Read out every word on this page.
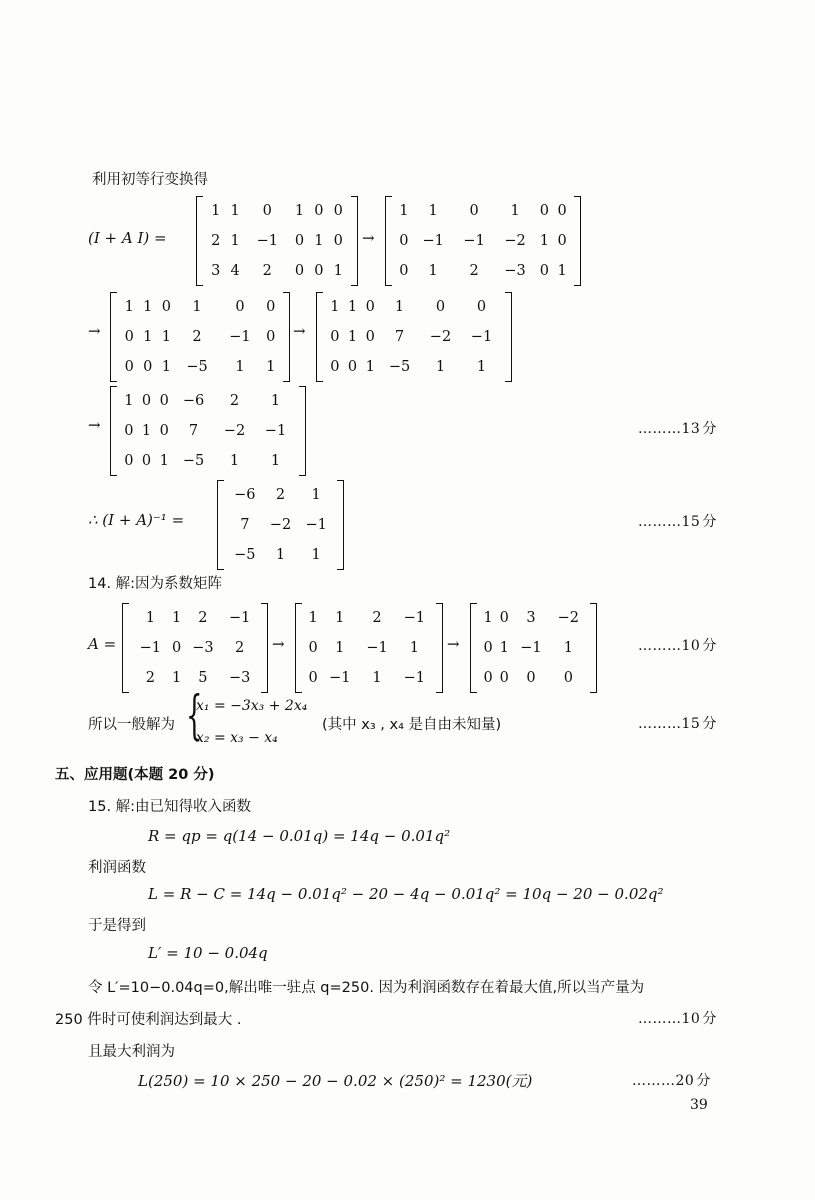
利用初等行变换得
(I + A I) =
1	1	0	1	0	0
2	1	−1	0	1	0
3	4	2	0	0	1
→
1	1	0	1	0	0
0	−1	−1	−2	1	0
0	1	2	−3	0	1
→
1	1	0	1	0	0
0	1	1	2	−1	0
0	0	1	−5	1	1
→
1	1	0	1	0	0
0	1	0	7	−2	−1
0	0	1	−5	1	1
→
1	0	0	−6	2	1
0	1	0	7	−2	−1
0	0	1	−5	1	1
………13 分
∴ (I + A)⁻¹ =
−6	2	1
7	−2	−1
−5	1	1
………15 分
14. 解:因为系数矩阵
A =
1	1	2	−1
−1	0	−3	2
2	1	5	−3
→
1	1	2	−1
0	1	−1	1
0	−1	1	−1
→
1	0	3	−2
0	1	−1	1
0	0	0	0
………10 分
所以一般解为 {
x₁ = −3x₃ + 2x₄
x₂ = x₃ − x₄
(其中 x₃ , x₄ 是自由未知量)	………15 分
五、应用题(本题 20 分)
15. 解:由已知得收入函数
R = qp = q(14 − 0.01q) = 14q − 0.01q²
利润函数
L = R − C = 14q − 0.01q² − 20 − 4q − 0.01q² = 10q − 20 − 0.02q²
于是得到
L′ = 10 − 0.04q
令 L′=10−0.04q=0,解出唯一驻点 q=250. 因为利润函数存在着最大值,所以当产量为
250 件时可使利润达到最大 .	………10 分
且最大利润为
L(250) = 10 × 250 − 20 − 0.02 × (250)² = 1230(元)	………20 分
39
